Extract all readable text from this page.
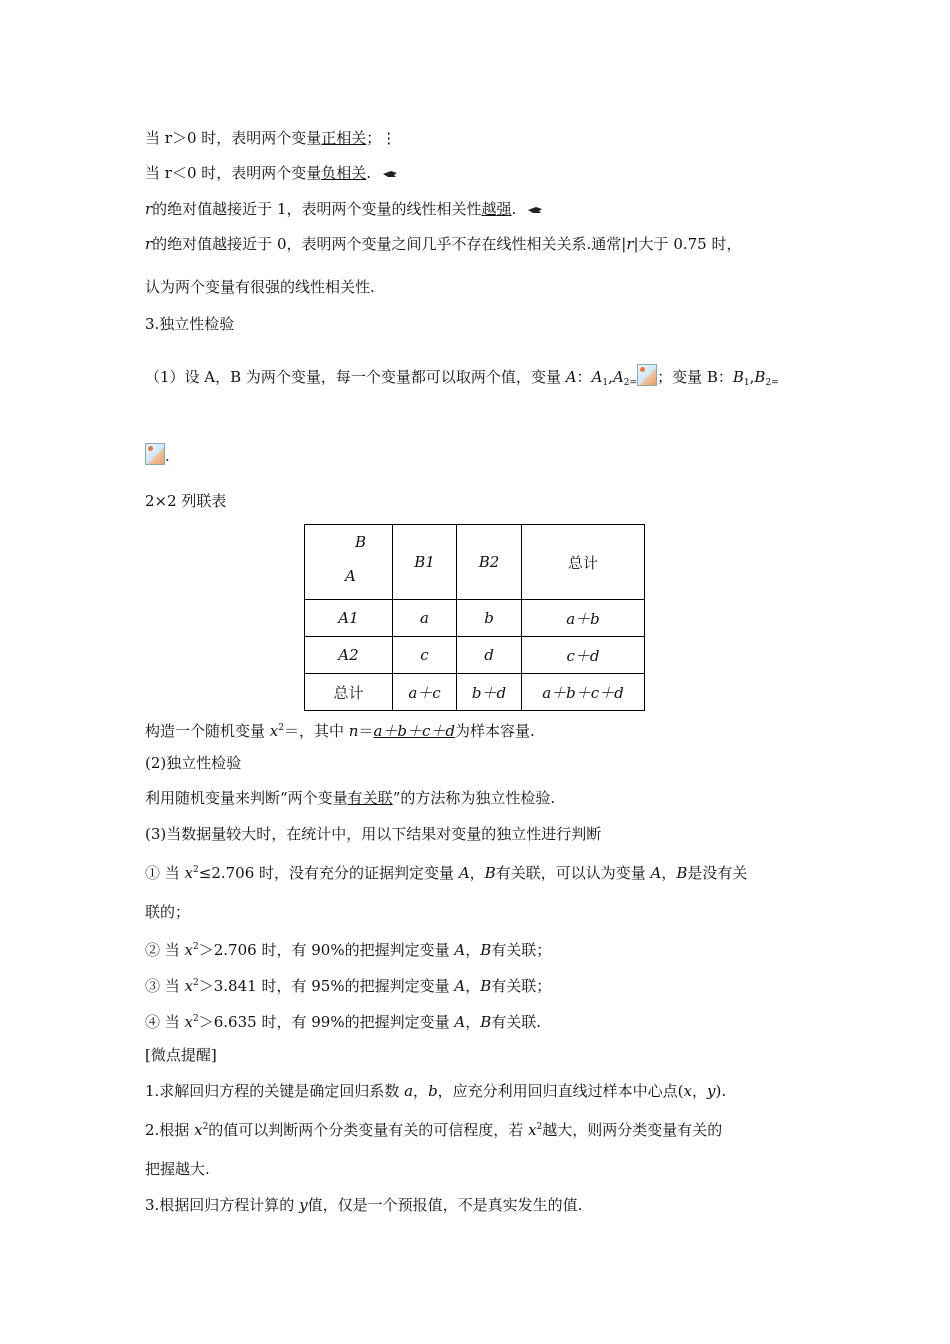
当 r＞0 时，表明两个变量正相关；⋮
当 r＜0 时，表明两个变量负相关.
r的绝对值越接近于 1，表明两个变量的线性相关性越强.
r的绝对值越接近于 0，表明两个变量之间几乎不存在线性相关关系.通常|r|大于 0.75 时，
认为两个变量有很强的线性相关性.
3.独立性检验
（1）设 A，B 为两个变量，每一个变量都可以取两个值，变量 A：$A_1,A_{2=}$ ；变量 B：$B_1,B_{2=}$
.
2×2 列联表
B
A	B1	B2	总计
A1	a	b	a＋b
A2	c	d	c＋d
总计	a＋c	b＋d	a＋b＋c＋d
构造一个随机变量 $x^2=$，其中 n＝a＋b＋c＋d为样本容量.
(2)独立性检验
利用随机变量来判断“两个变量有关联”的方法称为独立性检验.
(3)当数据量较大时，在统计中，用以下结果对变量的独立性进行判断
① 当 $x^2\le 2.706$ 时，没有充分的证据判定变量 A，B有关联，可以认为变量 A，B是没有关
联的；
② 当 $x^2>2.706$ 时，有 90%的把握判定变量 A，B有关联；
③ 当 $x^2>3.841$ 时，有 95%的把握判定变量 A，B有关联；
④ 当 $x^2>6.635$ 时，有 99%的把握判定变量 A，B有关联.
[微点提醒]
1.求解回归方程的关键是确定回归系数 a，b，应充分利用回归直线过样本中心点(x，y).
2.根据 $x^2$的值可以判断两个分类变量有关的可信程度，若 $x^2$越大，则两分类变量有关的
把握越大.
3.根据回归方程计算的 y值，仅是一个预报值，不是真实发生的值.
